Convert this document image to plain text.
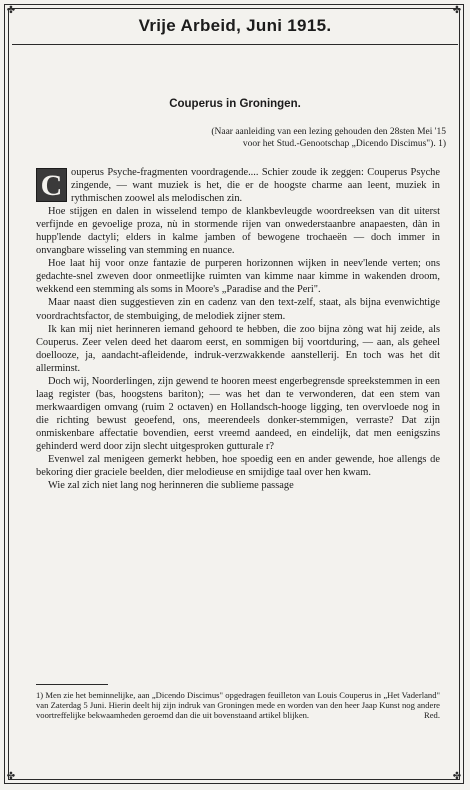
✤	✤
✤	✤
Vrije Arbeid, Juni 1915.
Couperus in Groningen.
(Naar aanleiding van een lezing gehouden den 28sten Mei '15
voor het Stud.-Genootschap „Dicendo Discimus"). 1)

C ouperus Psyche-fragmenten voordragende.... Schier zoude ik zeggen: Couperus Psyche zingende, — want muziek is het, die er de hoogste charme aan leent, muziek in rythmischen zoowel als melodischen zin.

Hoe stijgen en dalen in wisselend tempo de klankbevleugde woordreeksen van dit uiterst verfijnde en gevoelige proza, nù in stormende rijen van onwederstaanbre anapaesten, dàn in hupp'lende dactyli; elders in kalme jamben of bewogene trochaeën — doch immer in onvangbare wisseling van stemming en nuance.

Hoe laat hij voor onze fantazie de purperen horizonnen wijken in neev'lende verten; ons gedachte-snel zweven door onmeetlijke ruimten van kimme naar kimme in wakenden droom, wekkend een stemming als soms in Moore's „Paradise and the Peri".

Maar naast dien suggestieven zin en cadenz van den text-zelf, staat, als bijna evenwichtige voordrachtsfactor, de stembuiging, de melodiek zijner stem.

Ik kan mij niet herinneren iemand gehoord te hebben, die zoo bijna zòng wat hij zeide, als Couperus. Zeer velen deed het daarom eerst, en sommigen bij voortduring, — aan, als geheel doellooze, ja, aandacht-afleidende, indruk-verzwakkende aanstellerij. En toch was het dit allerminst.

Doch wij, Noorderlingen, zijn gewend te hooren meest engerbegrensde spreekstemmen in een laag register (bas, hoogstens bariton); — was het dan te verwonderen, dat een stem van merkwaardigen omvang (ruim 2 octaven) en Hollandsch-hooge ligging, ten overvloede nog in die richting bewust geoefend, ons, meerendeels donker-stemmigen, verraste? Dat zijn onmiskenbare affectatie bovendien, eerst vreemd aandeed, en eindelijk, dat men eenigszins gehinderd werd door zijn slecht uitgesproken gutturale r?

Evenwel zal menigeen gemerkt hebben, hoe spoedig een en ander gewende, hoe allengs de bekoring dier graciele beelden, dier melodieuse en smijdige taal over hen kwam.

Wie zal zich niet lang nog herinneren die sublieme passage

1) Men zie het beminnelijke, aan „Dicendo Discimus" opgedragen feuilleton van Louis Couperus in „Het Vaderland" van Zaterdag 5 Juni. Hierin deelt hij zijn indruk van Groningen mede en worden van den heer Jaap Kunst nog andere voortreffelijke bekwaamheden geroemd dan die uit bovenstaand artikel blijken.	Red.
